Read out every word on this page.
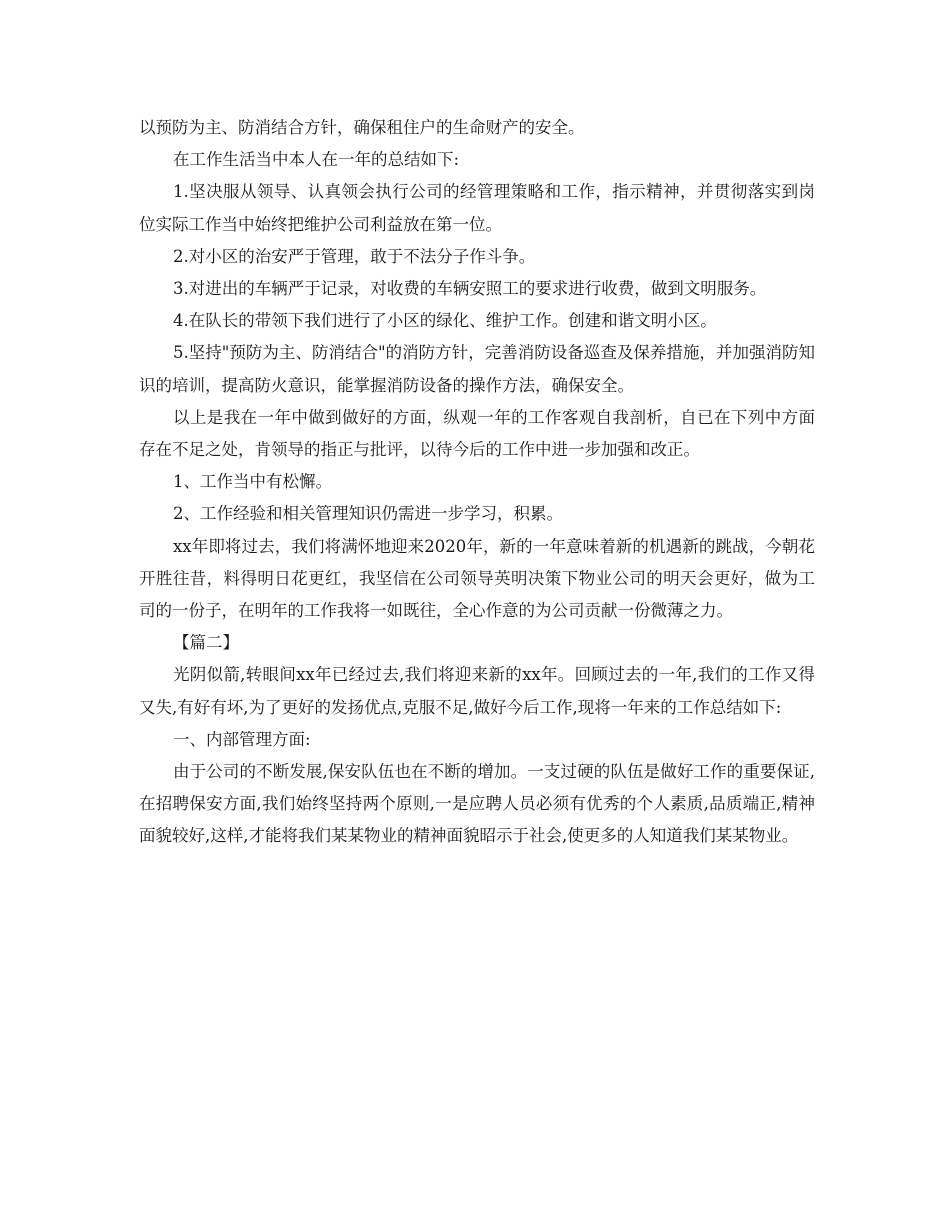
以预防为主、防消结合方针，确保租住户的生命财产的安全。

在工作生活当中本人在一年的总结如下:

1.坚决服从领导、认真领会执行公司的经管理策略和工作，指示精神，并贯彻落实到岗位实际工作当中始终把维护公司利益放在第一位。

2.对小区的治安严于管理，敢于不法分子作斗争。

3.对进出的车辆严于记录，对收费的车辆安照工的要求进行收费，做到文明服务。

4.在队长的带领下我们进行了小区的绿化、维护工作。创建和谐文明小区。

5.坚持"预防为主、防消结合"的消防方针，完善消防设备巡查及保养措施，并加强消防知识的培训，提高防火意识，能掌握消防设备的操作方法，确保安全。

以上是我在一年中做到做好的方面，纵观一年的工作客观自我剖析，自已在下列中方面存在不足之处，肯领导的指正与批评，以待今后的工作中进一步加强和改正。

1、工作当中有松懈。

2、工作经验和相关管理知识仍需进一步学习，积累。

xx年即将过去，我们将满怀地迎来2020年，新的一年意味着新的机遇新的跳战，今朝花开胜往昔，料得明日花更红，我坚信在公司领导英明决策下物业公司的明天会更好，做为工司的一份子，在明年的工作我将一如既往，全心作意的为公司贡献一份微薄之力。

【篇二】

光阴似箭,转眼间xx年已经过去,我们将迎来新的xx年。回顾过去的一年,我们的工作又得又失,有好有坏,为了更好的发扬优点,克服不足,做好今后工作,现将一年来的工作总结如下:

一、内部管理方面:

由于公司的不断发展,保安队伍也在不断的增加。一支过硬的队伍是做好工作的重要保证,在招聘保安方面,我们始终坚持两个原则,一是应聘人员必须有优秀的个人素质,品质端正,精神面貌较好,这样,才能将我们某某物业的精神面貌昭示于社会,使更多的人知道我们某某物业。
